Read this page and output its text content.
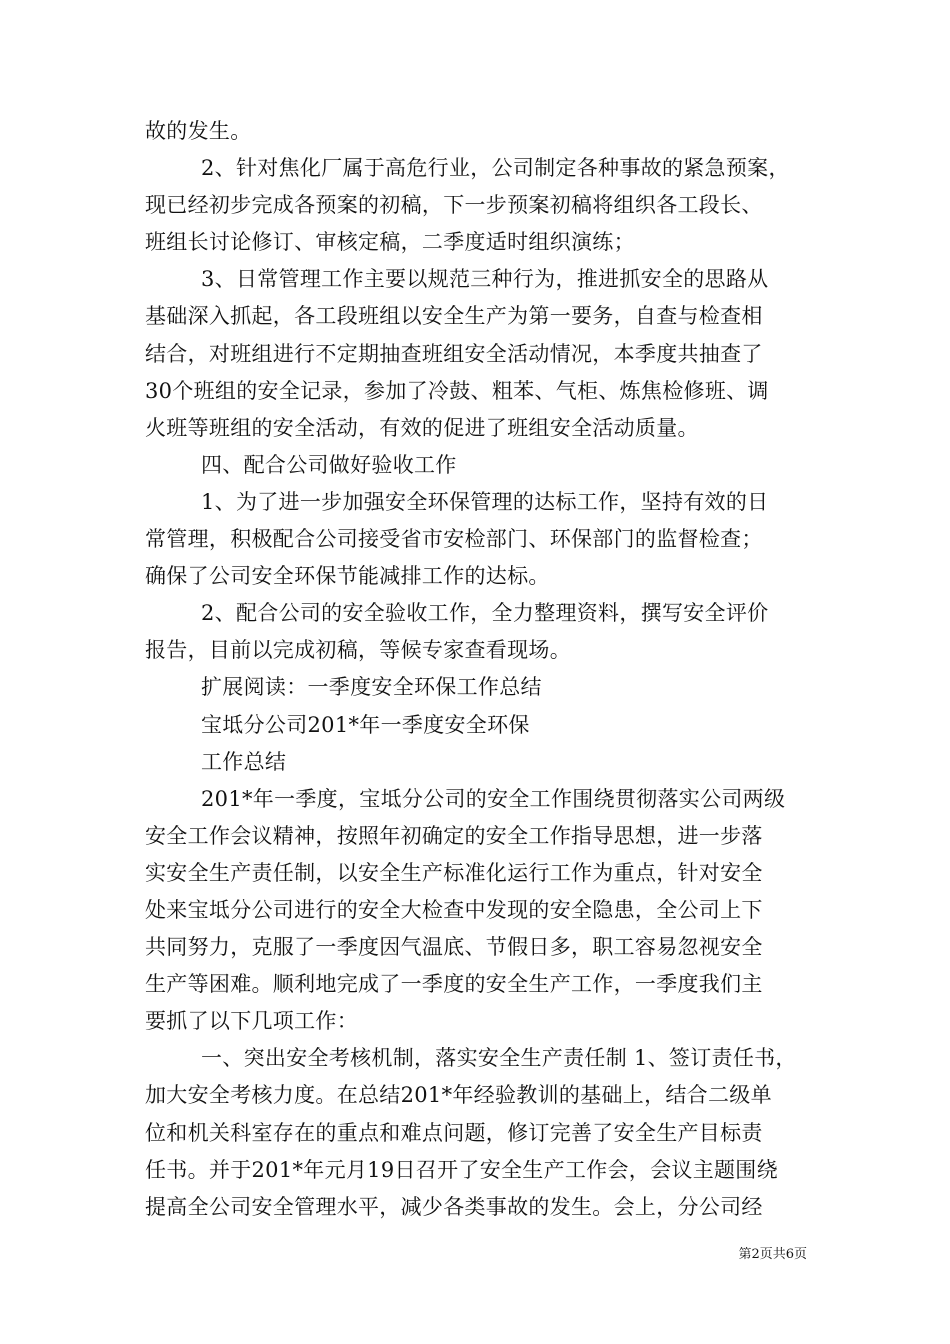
故的发生。
2、针对焦化厂属于高危行业，公司制定各种事故的紧急预案，
现已经初步完成各预案的初稿，下一步预案初稿将组织各工段长、
班组长讨论修订、审核定稿，二季度适时组织演练；
3、日常管理工作主要以规范三种行为，推进抓安全的思路从
基础深入抓起，各工段班组以安全生产为第一要务，自查与检查相
结合，对班组进行不定期抽查班组安全活动情况，本季度共抽查了
30个班组的安全记录，参加了冷鼓、粗苯、气柜、炼焦检修班、调
火班等班组的安全活动，有效的促进了班组安全活动质量。
四、配合公司做好验收工作
1、为了进一步加强安全环保管理的达标工作，坚持有效的日
常管理，积极配合公司接受省市安检部门、环保部门的监督检查；
确保了公司安全环保节能减排工作的达标。
2、配合公司的安全验收工作，全力整理资料，撰写安全评价
报告，目前以完成初稿，等候专家查看现场。
扩展阅读：一季度安全环保工作总结
宝坻分公司201*年一季度安全环保
工作总结
201*年一季度，宝坻分公司的安全工作围绕贯彻落实公司两级
安全工作会议精神，按照年初确定的安全工作指导思想，进一步落
实安全生产责任制，以安全生产标准化运行工作为重点，针对安全
处来宝坻分公司进行的安全大检查中发现的安全隐患，全公司上下
共同努力，克服了一季度因气温底、节假日多，职工容易忽视安全
生产等困难。顺利地完成了一季度的安全生产工作，一季度我们主
要抓了以下几项工作：
一、突出安全考核机制，落实安全生产责任制 1、签订责任书，
加大安全考核力度。在总结201*年经验教训的基础上，结合二级单
位和机关科室存在的重点和难点问题，修订完善了安全生产目标责
任书。并于201*年元月19日召开了安全生产工作会，会议主题围绕
提高全公司安全管理水平，减少各类事故的发生。会上，分公司经
第2页共6页
